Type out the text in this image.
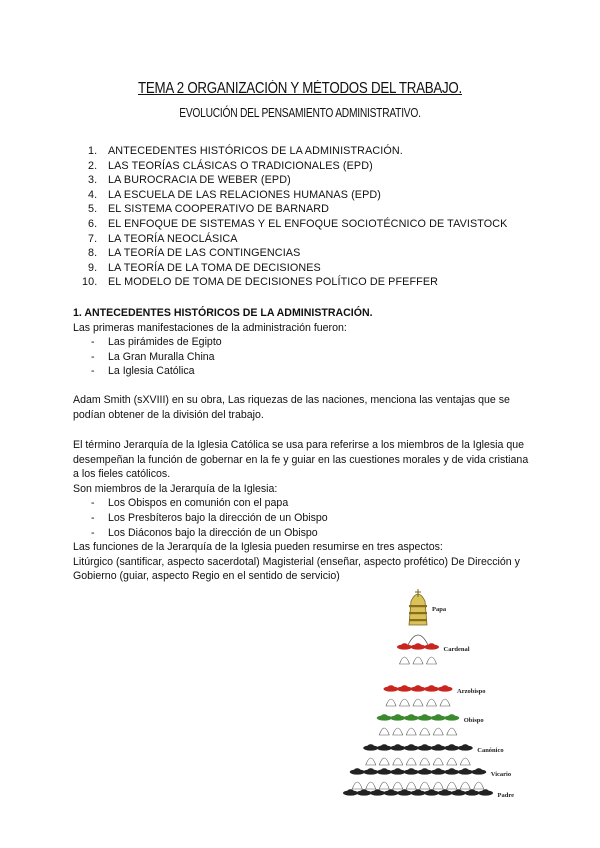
TEMA 2 ORGANIZACIÓN Y MÉTODOS DEL TRABAJO.
EVOLUCIÓN DEL PENSAMIENTO ADMINISTRATIVO.
1. ANTECEDENTES HISTÓRICOS DE LA ADMINISTRACIÓN.
2. LAS TEORÍAS CLÁSICAS O TRADICIONALES (EPD)
3. LA BUROCRACIA DE WEBER (EPD)
4. LA ESCUELA DE LAS RELACIONES HUMANAS (EPD)
5. EL SISTEMA COOPERATIVO DE BARNARD
6. EL ENFOQUE DE SISTEMAS Y EL ENFOQUE SOCIOTÉCNICO DE TAVISTOCK
7. LA TEORÍA NEOCLÁSICA
8. LA TEORÍA DE LAS CONTINGENCIAS
9. LA TEORÍA DE LA TOMA DE DECISIONES
10. EL MODELO DE TOMA DE DECISIONES POLÍTICO DE PFEFFER
1. ANTECEDENTES HISTÓRICOS DE LA ADMINISTRACIÓN.

Las primeras manifestaciones de la administración fueron:

- Las pirámides de Egipto
- La Gran Muralla China
- La Iglesia Católica

Adam Smith (sXVIII) en su obra, Las riquezas de las naciones, menciona las ventajas que se podían obtener de la división del trabajo.

El término Jerarquía de la Iglesia Católica se usa para referirse a los miembros de la Iglesia que desempeñan la función de gobernar en la fe y guiar en las cuestiones morales y de vida cristiana a los fieles católicos.

Son miembros de la Jerarquía de la Iglesia:

- Los Obispos en comunión con el papa
- Los Presbíteros bajo la dirección de un Obispo
- Los Diáconos bajo la dirección de un Obispo

Las funciones de la Jerarquía de la Iglesia pueden resumirse en tres aspectos:

Litúrgico (santificar, aspecto sacerdotal) Magisterial (enseñar, aspecto profético) De Dirección y Gobierno (guiar, aspecto Regio en el sentido de servicio)

Papa
Cardenal
Arzobispo
Obispo
Canónico
Vicario
Padre
